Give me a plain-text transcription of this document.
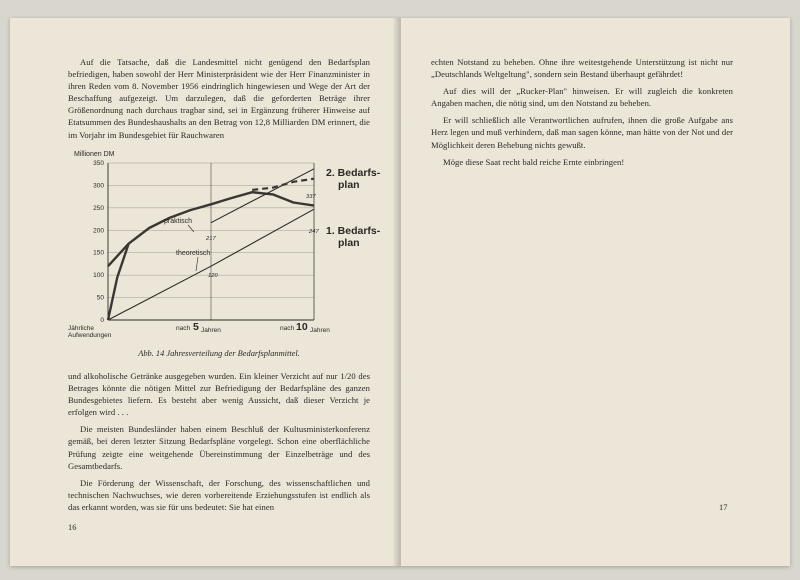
Auf die Tatsache, daß die Landesmittel nicht genügend den Bedarfsplan befriedigen, haben sowohl der Herr Ministerpräsident wie der Herr Finanzminister in ihren Reden vom 8. November 1956 eindringlich hingewiesen und Wege der Art der Beschaffung aufgezeigt. Um darzulegen, daß die geforderten Beträge ihrer Größenordnung nach durchaus tragbar sind, sei in Ergänzung früherer Hinweise auf Etatsummen des Bundeshaushalts an den Betrag von 12,8 Milliarden DM erinnert, die im Vorjahr im Bundesgebiet für Rauchwaren

0
50
100
150
200
250
300
350
Millionen DM
Jährliche
Aufwendungen
nach 5 Jahren	nach 10 Jahren
2. Bedarfs-
plan
1. Bedarfs-
plan
praktisch
theoretisch
337
217
247
120
Abb. 14 Jahresverteilung der Bedarfsplanmittel.

und alkoholische Getränke ausgegeben wurden. Ein kleiner Verzicht auf nur 1/20 des Betrages könnte die nötigen Mittel zur Befriedigung der Bedarfspläne des ganzen Bundesgebietes liefern. Es besteht aber wenig Aussicht, daß dieser Verzicht je erfolgen wird . . .

Die meisten Bundesländer haben einem Beschluß der Kultusministerkonferenz gemäß, bei deren letzter Sitzung Bedarfspläne vorgelegt. Schon eine oberflächliche Prüfung zeigte eine weitgehende Übereinstimmung der Einzelbeträge und des Gesamtbedarfs.

Die Förderung der Wissenschaft, der Forschung, des wissenschaftlichen und technischen Nachwuchses, wie deren vorbereitende Erziehungsstufen ist endlich als das erkannt worden, was sie für uns bedeutet: Sie hat einen

16

echten Notstand zu beheben. Ohne ihre weitestgehende Unterstützung ist nicht nur „Deutschlands Weltgeltung", sondern sein Bestand überhaupt gefährdet!

Auf dies will der „Rucker-Plan" hinweisen. Er will zugleich die konkreten Angaben machen, die nötig sind, um den Notstand zu beheben.

Er will schließlich alle Verantwortlichen aufrufen, ihnen die große Aufgabe ans Herz legen und muß verhindern, daß man sagen könne, man hätte von der Not und der Möglichkeit deren Behebung nichts gewußt.

Möge diese Saat recht bald reiche Ernte einbringen!

17
